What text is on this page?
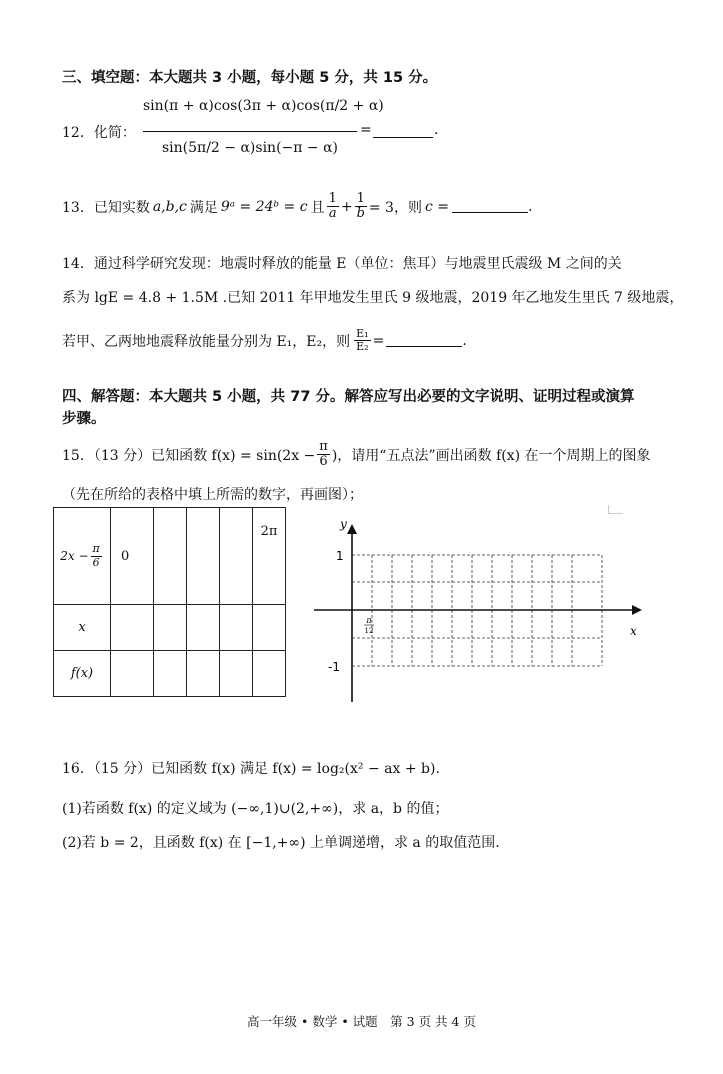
三、填空题：本大题共 3 小题，每小题 5 分，共 15 分。
12．化简：
sin(π + α)cos(3π + α)cos(π/2 + α)
sin(5π/2 − α)sin(−π − α)
=	.
13．已知实数 a,b,c 满足 9ᵃ = 24ᵇ = c 且 $\frac{1}{a} + \frac{1}{b} = 3$，则 c =	.
14．通过科学研究发现：地震时释放的能量 E（单位：焦耳）与地震里氏震级 M 之间的关
系为 lgE = 4.8 + 1.5M .已知 2011 年甲地发生里氏 9 级地震，2019 年乙地发生里氏 7 级地震，
若甲、乙两地地震释放能量分别为 E₁，E₂，则 $\frac{\text{E₁}}{\text{E₂}}$ =	.
四、解答题：本大题共 5 小题，共 77 分。解答应写出必要的文字说明、证明过程或演算
步骤。
15．（13 分）已知函数 $f(x) = \sin(2x - \frac{\pi}{6}$ )，请用“五点法”画出函数 f(x) 在一个周期上的图象
（先在所给的表格中填上所需的数字，再画图）；
$2x - \frac{\pi}{6}$	0				2π
x					
f(x)					
y
x
1
-1
π
12
16．（15 分）已知函数 f(x) 满足 f(x) = log₂(x² − ax + b).
(1)若函数 f(x) 的定义域为 (−∞,1)∪(2,+∞)，求 a，b 的值；
(2)若 b = 2，且函数 f(x) 在 [−1,+∞) 上单调递增，求 a 的取值范围.
高一年级 • 数学 • 试题　第 3 页 共 4 页
